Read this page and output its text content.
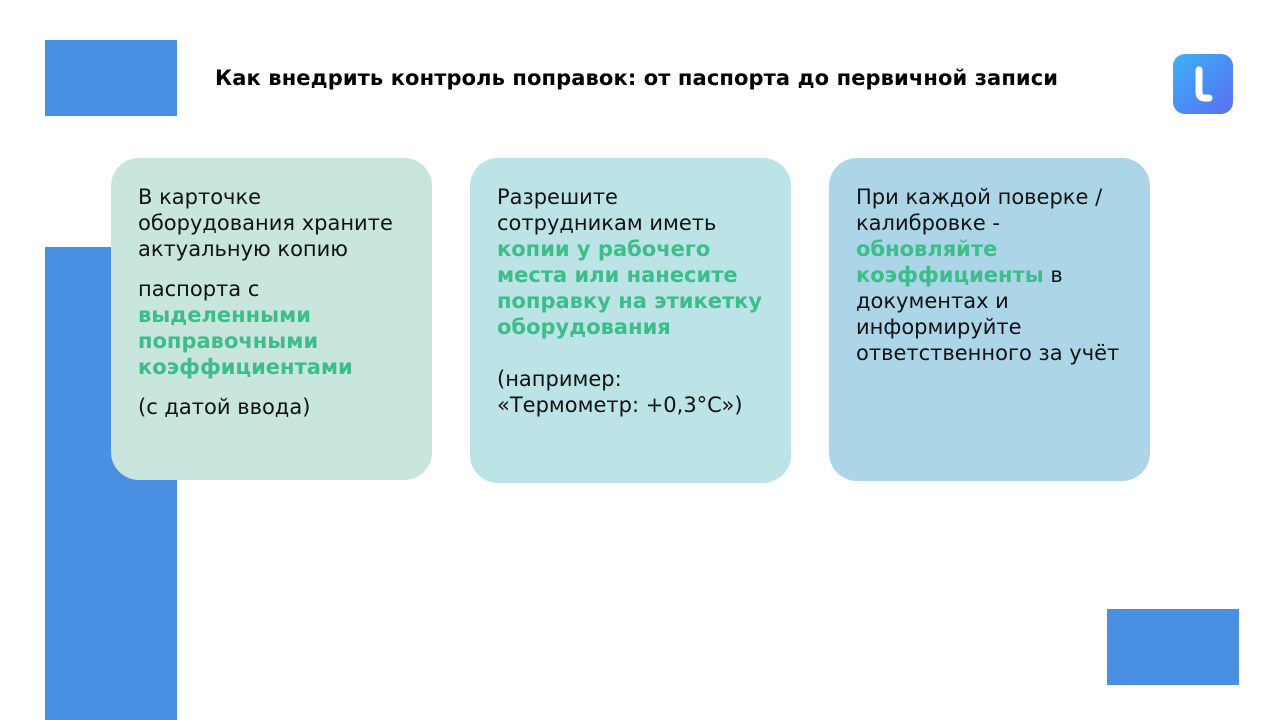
Как внедрить контроль поправок: от паспорта до первичной записи

В карточке оборудования храните актуальную копию

паспорта с выделенными поправочными коэффициентами

(с датой ввода)

Разрешите сотрудникам иметь копии у рабочего места или нанесите поправку на этикетку оборудования

(например: «Термометр: +0,3°C»)

При каждой поверке / калибровке - обновляйте коэффициенты в документах и информируйте ответственного за учёт
